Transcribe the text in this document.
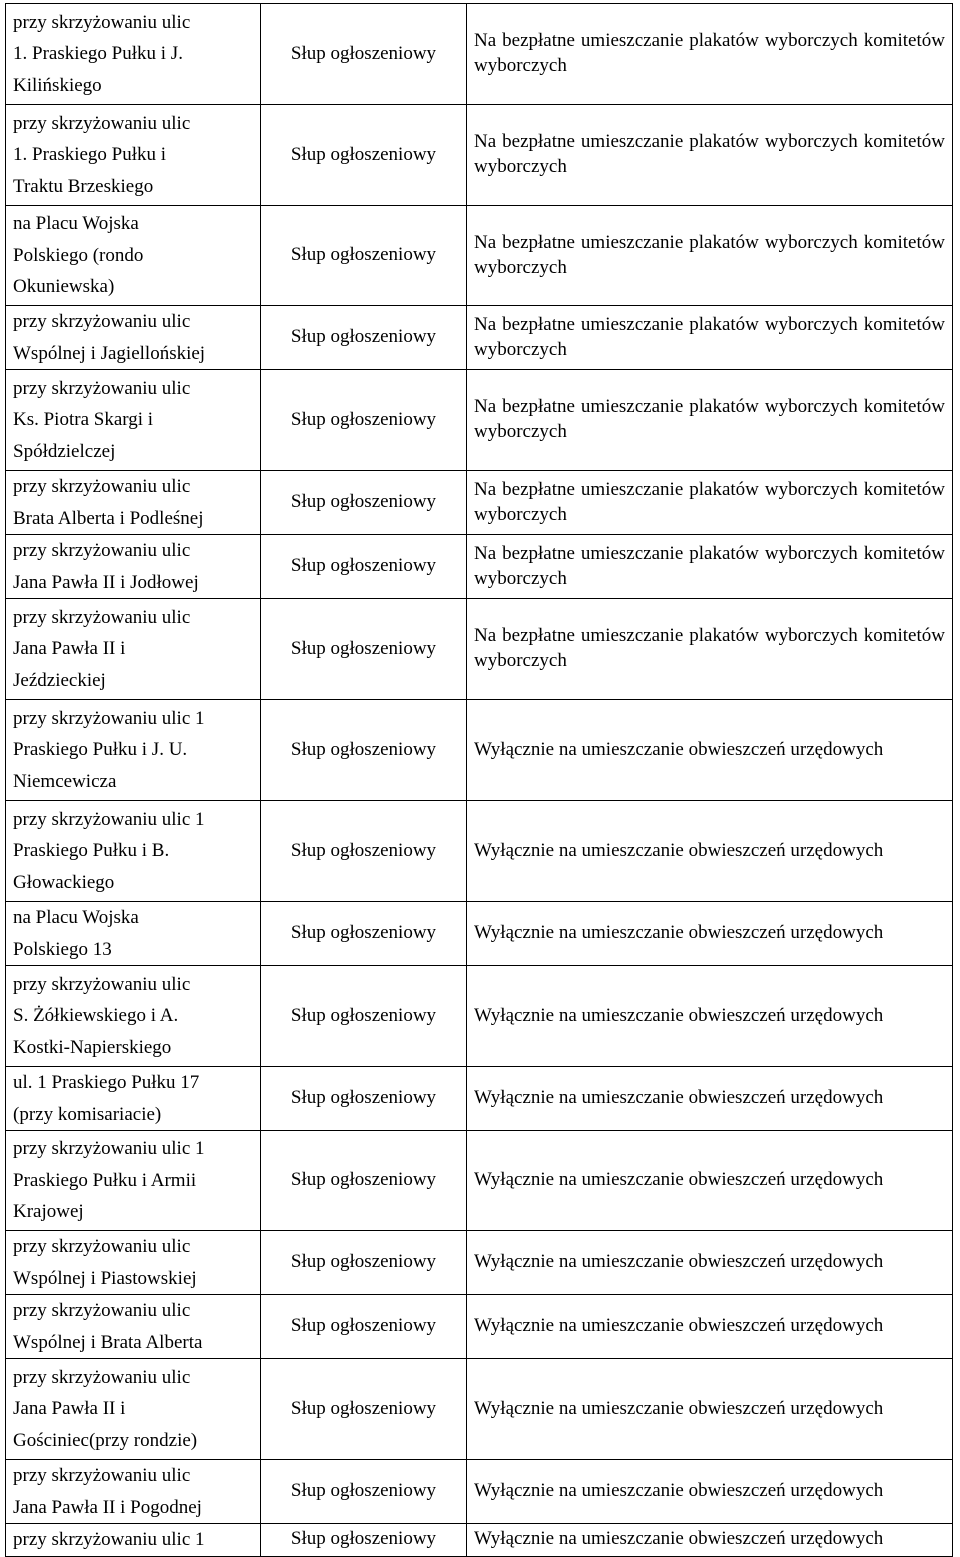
przy skrzyżowaniu ulic
1. Praskiego Pułku i J.
Kilińskiego	Słup ogłoszeniowy	Na bezpłatne umieszczanie plakatów wyborczych komitetów wyborczych

przy skrzyżowaniu ulic
1. Praskiego Pułku i
Traktu Brzeskiego	Słup ogłoszeniowy	Na bezpłatne umieszczanie plakatów wyborczych komitetów wyborczych

na Placu Wojska
Polskiego (rondo
Okuniewska)	Słup ogłoszeniowy	Na bezpłatne umieszczanie plakatów wyborczych komitetów wyborczych

przy skrzyżowaniu ulic
Wspólnej i Jagiellońskiej	Słup ogłoszeniowy	Na bezpłatne umieszczanie plakatów wyborczych komitetów wyborczych

przy skrzyżowaniu ulic
Ks. Piotra Skargi i
Spółdzielczej	Słup ogłoszeniowy	Na bezpłatne umieszczanie plakatów wyborczych komitetów wyborczych

przy skrzyżowaniu ulic
Brata Alberta i Podleśnej	Słup ogłoszeniowy	Na bezpłatne umieszczanie plakatów wyborczych komitetów wyborczych

przy skrzyżowaniu ulic
Jana Pawła II i Jodłowej	Słup ogłoszeniowy	Na bezpłatne umieszczanie plakatów wyborczych komitetów wyborczych

przy skrzyżowaniu ulic
Jana Pawła II i
Jeździeckiej	Słup ogłoszeniowy	Na bezpłatne umieszczanie plakatów wyborczych komitetów wyborczych

przy skrzyżowaniu ulic 1
Praskiego Pułku i J. U.
Niemcewicza	Słup ogłoszeniowy	Wyłącznie na umieszczanie obwieszczeń urzędowych

przy skrzyżowaniu ulic 1
Praskiego Pułku i B.
Głowackiego	Słup ogłoszeniowy	Wyłącznie na umieszczanie obwieszczeń urzędowych

na Placu Wojska
Polskiego 13	Słup ogłoszeniowy	Wyłącznie na umieszczanie obwieszczeń urzędowych

przy skrzyżowaniu ulic
S. Żółkiewskiego i A.
Kostki-Napierskiego	Słup ogłoszeniowy	Wyłącznie na umieszczanie obwieszczeń urzędowych

ul. 1 Praskiego Pułku 17
(przy komisariacie)	Słup ogłoszeniowy	Wyłącznie na umieszczanie obwieszczeń urzędowych

przy skrzyżowaniu ulic 1
Praskiego Pułku i Armii
Krajowej	Słup ogłoszeniowy	Wyłącznie na umieszczanie obwieszczeń urzędowych

przy skrzyżowaniu ulic
Wspólnej i Piastowskiej	Słup ogłoszeniowy	Wyłącznie na umieszczanie obwieszczeń urzędowych

przy skrzyżowaniu ulic
Wspólnej i Brata Alberta	Słup ogłoszeniowy	Wyłącznie na umieszczanie obwieszczeń urzędowych

przy skrzyżowaniu ulic
Jana Pawła II i
Gościniec(przy rondzie)	Słup ogłoszeniowy	Wyłącznie na umieszczanie obwieszczeń urzędowych

przy skrzyżowaniu ulic
Jana Pawła II i Pogodnej	Słup ogłoszeniowy	Wyłącznie na umieszczanie obwieszczeń urzędowych

przy skrzyżowaniu ulic 1	Słup ogłoszeniowy	Wyłącznie na umieszczanie obwieszczeń urzędowych
